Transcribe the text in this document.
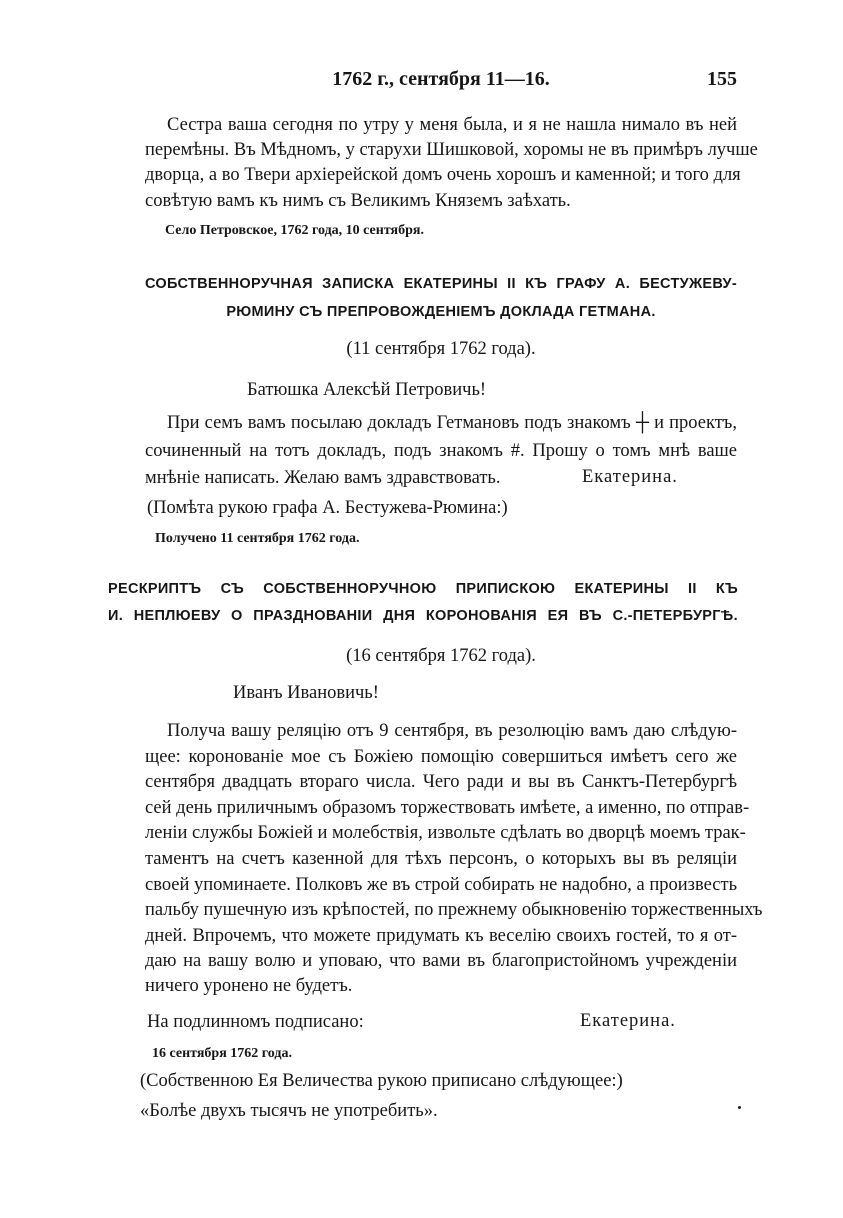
1762 г., сентября 11—16.	155
Сестра ваша сегодня по утру у меня была, и я не нашла нимало въ ней
перемѣны. Въ Мѣдномъ, у старухи Шишковой, хоромы не въ примѣръ лучше
дворца, а во Твери архіерейской домъ очень хорошъ и каменной; и того для
совѣтую вамъ къ нимъ съ Великимъ Княземъ заѣхать.
Село Петровское, 1762 года, 10 сентября.
СОБСТВЕННОРУЧНАЯ ЗАПИСКА ЕКАТЕРИНЫ II КЪ ГРАФУ А. БЕСТУЖЕВУ-
РЮМИНУ СЪ ПРЕПРОВОЖДЕНІЕМЪ ДОКЛАДА ГЕТМАНА.
(11 сентября 1762 года).
Батюшка Алексѣй Петровичь!
При семъ вамъ посылаю докладъ Гетмановъ подъ знакомъ ┼ и проектъ,
сочиненный на тотъ докладъ, подъ знакомъ #. Прошу о томъ мнѣ ваше
мнѣніе написать. Желаю вамъ здравствовать.	Екатерина.
(Помѣта рукою графа А. Бестужева-Рюмина:)
Получено 11 сентября 1762 года.
РЕСКРИПТЪ СЪ СОБСТВЕННОРУЧНОЮ ПРИПИСКОЮ ЕКАТЕРИНЫ II КЪ
И. НЕПЛЮЕВУ О ПРАЗДНОВАНІИ ДНЯ КОРОНОВАНІЯ ЕЯ ВЪ С.-ПЕТЕРБУРГѢ.
(16 сентября 1762 года).
Иванъ Ивановичь!
Получа вашу реляцію отъ 9 сентября, въ резолюцію вамъ даю слѣдую-
щее: коронованіе мое съ Божіею помощію совершиться имѣетъ сего же
сентября двадцать втораго числа. Чего ради и вы въ Санктъ-Петербургѣ
сей день приличнымъ образомъ торжествовать имѣете, а именно, по отправ-
леніи службы Божіей и молебствія, извольте сдѣлать во дворцѣ моемъ трак-
таментъ на счетъ казенной для тѣхъ персонъ, о которыхъ вы въ реляціи
своей упоминаете. Полковъ же въ строй собирать не надобно, а произвесть
пальбу пушечную изъ крѣпостей, по прежнему обыкновенію торжественныхъ
дней. Впрочемъ, что можете придумать къ веселію своихъ гостей, то я от-
даю на вашу волю и уповаю, что вами въ благопристойномъ учрежденіи
ничего уронено не будетъ.
На подлинномъ подписано:	Екатерина.
16 сентября 1762 года.
(Собственною Ея Величества рукою приписано слѣдующее:)
«Болѣе двухъ тысячъ не употребить».
